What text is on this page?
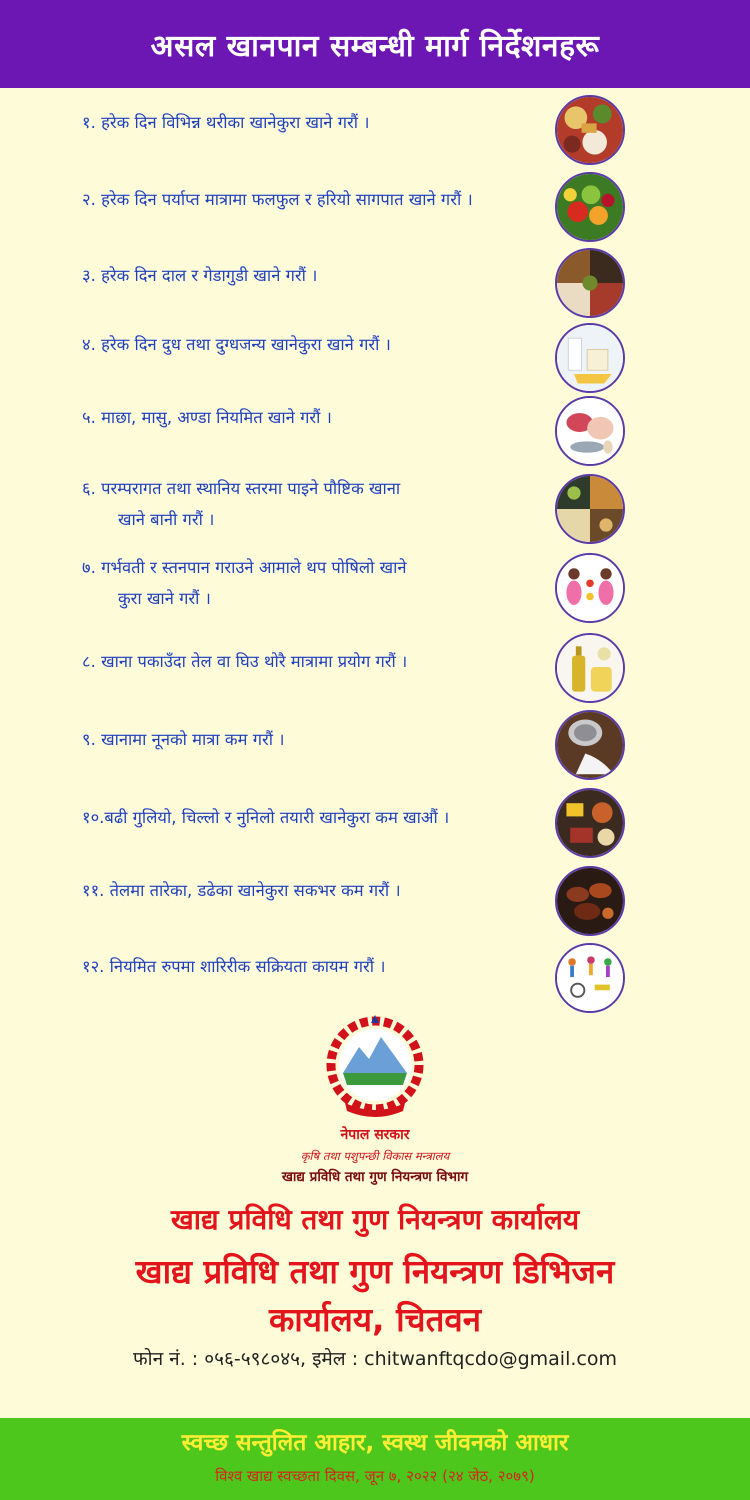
असल खानपान सम्बन्धी मार्ग निर्देशनहरू
१. हरेक दिन विभिन्न थरीका खानेकुरा खाने गरौं ।
२. हरेक दिन पर्याप्त मात्रामा फलफुल र हरियो सागपात खाने गरौं ।
३. हरेक दिन दाल र गेडागुडी खाने गरौं ।
४. हरेक दिन दुध तथा दुग्धजन्य खानेकुरा खाने गरौं ।
५. माछा, मासु, अण्डा नियमित खाने गरौं ।
६. परम्परागत तथा स्थानिय स्तरमा पाइने पौष्टिक खाना
खाने बानी गरौं ।
७. गर्भवती र स्तनपान गराउने आमाले थप पोषिलो खाने
कुरा खाने गरौं ।
८. खाना पकाउँदा तेल वा घिउ थोरै मात्रामा प्रयोग गरौं ।
९. खानामा नूनको मात्रा कम गरौं ।
१०.बढी गुलियो, चिल्लो र नुनिलो तयारी खानेकुरा कम खाऔं ।
११. तेलमा तारेका, डढेका खानेकुरा सकभर कम गरौं ।
१२. नियमित रुपमा शारिरीक सक्रियता कायम गरौं ।
नेपाल सरकार
कृषि तथा पशुपन्छी विकास मन्त्रालय
खाद्य प्रविधि तथा गुण नियन्त्रण विभाग
खाद्य प्रविधि तथा गुण नियन्त्रण कार्यालय
खाद्य प्रविधि तथा गुण नियन्त्रण डिभिजन
कार्यालय, चितवन
फोन नं. : ०५६-५९८०४५, इमेल : chitwanftqcdo@gmail.com
स्वच्छ सन्तुलित आहार, स्वस्थ जीवनको आधार
विश्व खाद्य स्वच्छता दिवस, जून ७, २०२२ (२४ जेठ, २०७९)
